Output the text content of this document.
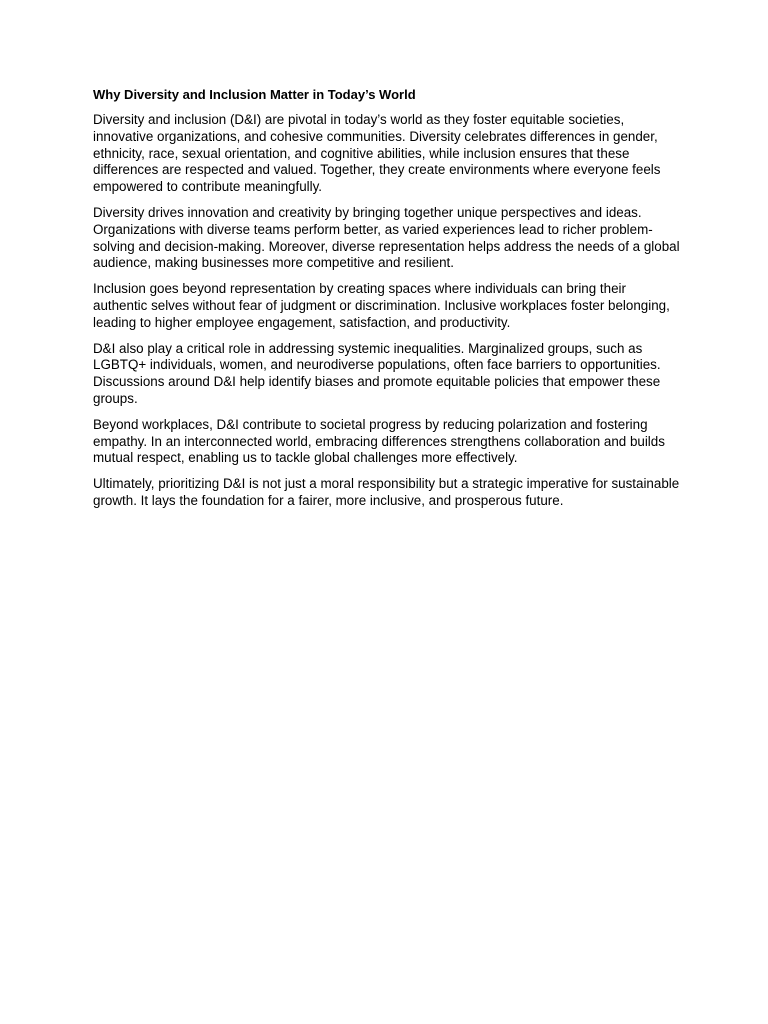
Why Diversity and Inclusion Matter in Today’s World

Diversity and inclusion (D&I) are pivotal in today’s world as they foster equitable societies, innovative organizations, and cohesive communities. Diversity celebrates differences in gender, ethnicity, race, sexual orientation, and cognitive abilities, while inclusion ensures that these differences are respected and valued. Together, they create environments where everyone feels empowered to contribute meaningfully.

Diversity drives innovation and creativity by bringing together unique perspectives and ideas. Organizations with diverse teams perform better, as varied experiences lead to richer problem-solving and decision-making. Moreover, diverse representation helps address the needs of a global audience, making businesses more competitive and resilient.

Inclusion goes beyond representation by creating spaces where individuals can bring their authentic selves without fear of judgment or discrimination. Inclusive workplaces foster belonging, leading to higher employee engagement, satisfaction, and productivity.

D&I also play a critical role in addressing systemic inequalities. Marginalized groups, such as LGBTQ+ individuals, women, and neurodiverse populations, often face barriers to opportunities. Discussions around D&I help identify biases and promote equitable policies that empower these groups.

Beyond workplaces, D&I contribute to societal progress by reducing polarization and fostering empathy. In an interconnected world, embracing differences strengthens collaboration and builds mutual respect, enabling us to tackle global challenges more effectively.

Ultimately, prioritizing D&I is not just a moral responsibility but a strategic imperative for sustainable growth. It lays the foundation for a fairer, more inclusive, and prosperous future.
